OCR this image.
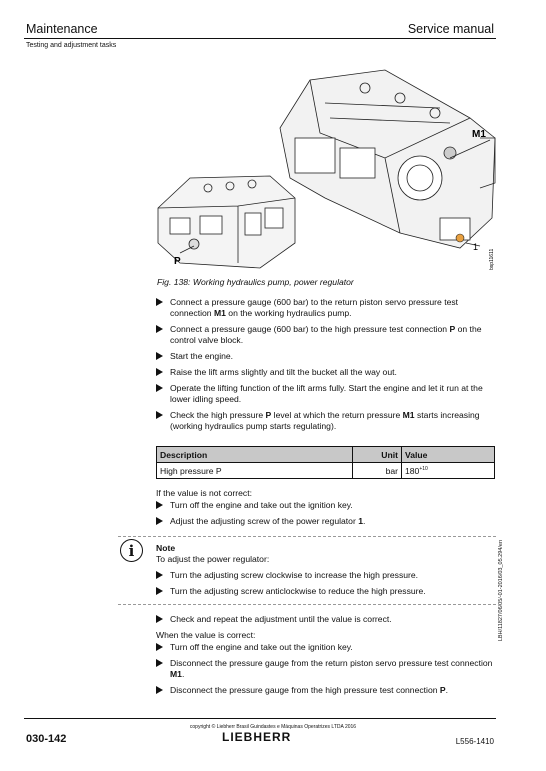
Maintenance	Service manual
Testing and adjustment tasks
M1
P
1
bsp11611
Fig. 138: Working hydraulics pump, power regulator
Connect a pressure gauge (600 bar) to the return piston servo pressure test connection M1 on the working hydraulics pump.
Connect a pressure gauge (600 bar) to the high pressure test connection P on the control valve block.
Start the engine.
Raise the lift arms slightly and tilt the bucket all the way out.
Operate the lifting function of the lift arms fully. Start the engine and let it run at the lower idling speed.
Check the high pressure P level at which the return pressure M1 starts increasing (working hydraulics pump starts regulating).
Description	Unit	Value
High pressure P	bar	$180^{+10}$
If the value is not correct:
Turn off the engine and take out the ignition key.
Adjust the adjusting screw of the power regulator 1.
i	Note
To adjust the power regulator:
Turn the adjusting screw clockwise to increase the high pressure.
Turn the adjusting screw anticlockwise to reduce the high pressure.
Check and repeat the adjustment until the value is correct.
When the value is correct:
Turn off the engine and take out the ignition key.
Disconnect the pressure gauge from the return piston servo pressure test connection M1.
Disconnect the pressure gauge from the high pressure test connection P.
LBH/11827/06/05/-01-2016/03_05.294/en
copyright © Liebherr Brasil Guindastes e Máquinas Operatrizes LTDA 2016
LIEBHERR
030-142	L556-1410
